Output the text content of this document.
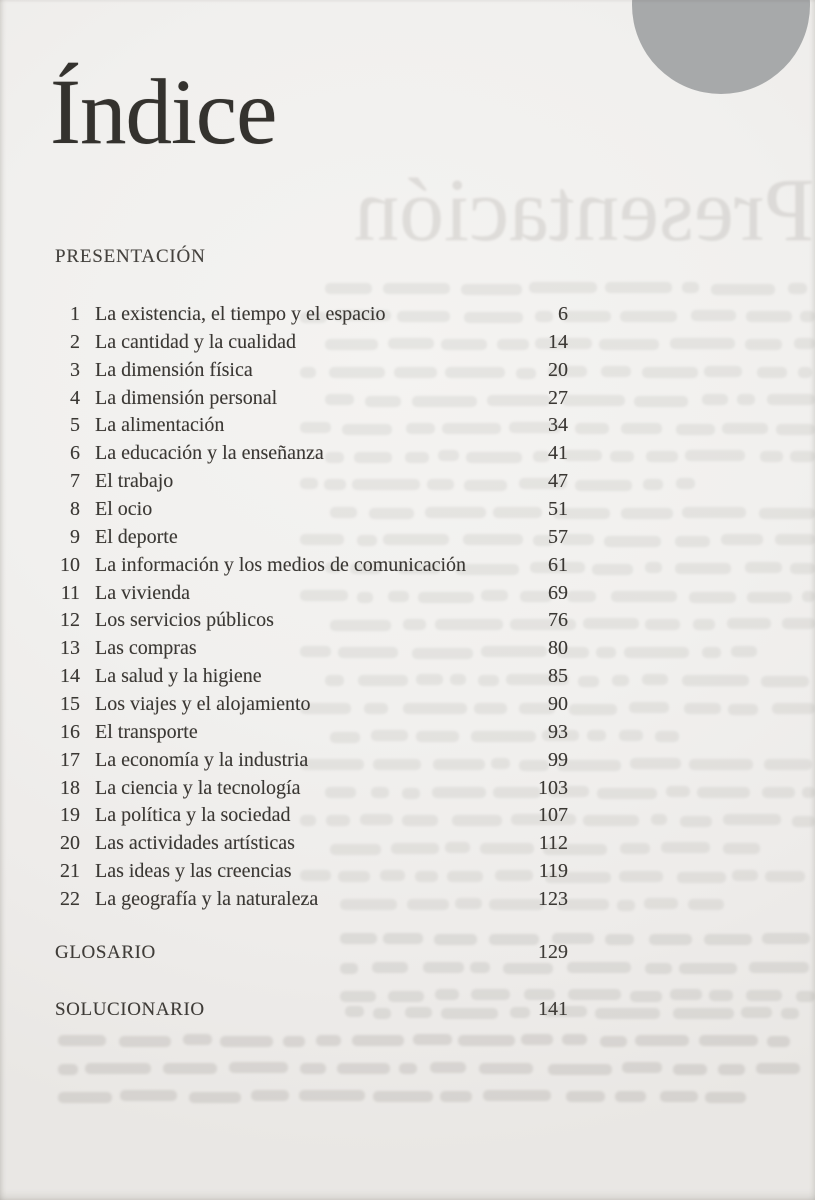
Presentación
Índice
PRESENTACIÓN
1 La existencia, el tiempo y el espacio	6
2 La cantidad y la cualidad	14
3 La dimensión física	20
4 La dimensión personal	27
5 La alimentación	34
6 La educación y la enseñanza	41
7 El trabajo	47
8 El ocio	51
9 El deporte	57
10 La información y los medios de comunicación	61
11 La vivienda	69
12 Los servicios públicos	76
13 Las compras	80
14 La salud y la higiene	85
15 Los viajes y el alojamiento	90
16 El transporte	93
17 La economía y la industria	99
18 La ciencia y la tecnología	103
19 La política y la sociedad	107
20 Las actividades artísticas	112
21 Las ideas y las creencias	119
22 La geografía y la naturaleza	123
GLOSARIO	129
SOLUCIONARIO	141
